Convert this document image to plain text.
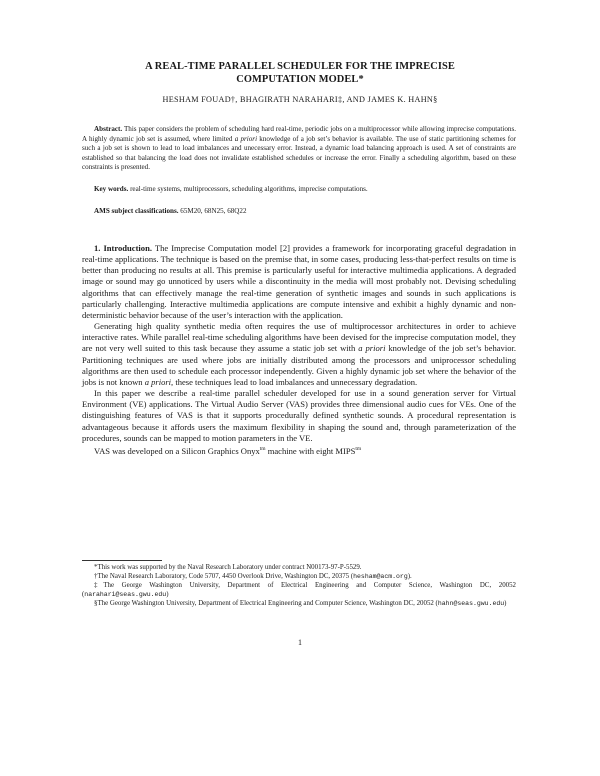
A REAL-TIME PARALLEL SCHEDULER FOR THE IMPRECISE
COMPUTATION MODEL*
HESHAM FOUAD†, BHAGIRATH NARAHARI‡, AND JAMES K. HAHN§
Abstract. This paper considers the problem of scheduling hard real-time, periodic jobs on a multiprocessor while allowing imprecise computations. A highly dynamic job set is assumed, where limited a priori knowledge of a job set’s behavior is available. The use of static partitioning schemes for such a job set is shown to lead to load imbalances and unecessary error. Instead, a dynamic load balancing approach is used. A set of constraints are established so that balancing the load does not invalidate established schedules or increase the error. Finally a scheduling algorithm, based on these constraints is presented.
Key words. real-time systems, multiprocessors, scheduling algorithms, imprecise computations.
AMS subject classifications. 65M20, 68N25, 68Q22

1. Introduction. The Imprecise Computation model [2] provides a framework for incorporating graceful degradation in real-time applications. The technique is based on the premise that, in some cases, producing less-that-perfect results on time is better than producing no results at all. This premise is particularly useful for interactive multimedia applications. A degraded image or sound may go unnoticed by users while a discontinuity in the media will most probably not. Devising scheduling algorithms that can effectively manage the real-time generation of synthetic images and sounds in such applications is particularly challenging. Interactive multimedia applications are compute intensive and exhibit a highly dynamic and non-deterministic behavior because of the user’s interaction with the application.

Generating high quality synthetic media often requires the use of multiprocessor architectures in order to achieve interactive rates. While parallel real-time scheduling algorithms have been devised for the imprecise computation model, they are not very well suited to this task because they assume a static job set with a priori knowledge of the job set’s behavior. Partitioning techniques are used where jobs are initially distributed among the processors and uniprocessor scheduling algorithms are then used to schedule each processor independently. Given a highly dynamic job set where the behavior of the jobs is not known a priori, these techniques lead to load imbalances and unnecessary degradation.

In this paper we describe a real-time parallel scheduler developed for use in a sound generation server for Virtual Environment (VE) applications. The Virtual Audio Server (VAS) provides three dimensional audio cues for VEs. One of the distinguishing features of VAS is that it supports procedurally defined synthetic sounds. A procedural representation is advantageous because it affords users the maximum flexibility in shaping the sound and, through parameterization of the procedures, sounds can be mapped to motion parameters in the VE.

VAS was developed on a Silicon Graphics Onyx$^{tm}$ machine with eight $MIPS^{tm}$

*This work was supported by the Naval Research Laboratory under contract N00173-97-P-5529.

†The Naval Research Laboratory, Code 5707, 4450 Overlook Drive, Washington DC, 20375 (hesham@acm.org).

‡The George Washington University, Department of Electrical Engineering and Computer Science, Washington DC, 20052 (narahari@seas.gwu.edu)

§The George Washington University, Department of Electrical Engineering and Computer Science, Washington DC, 20052 (hahn@seas.gwu.edu)

1
